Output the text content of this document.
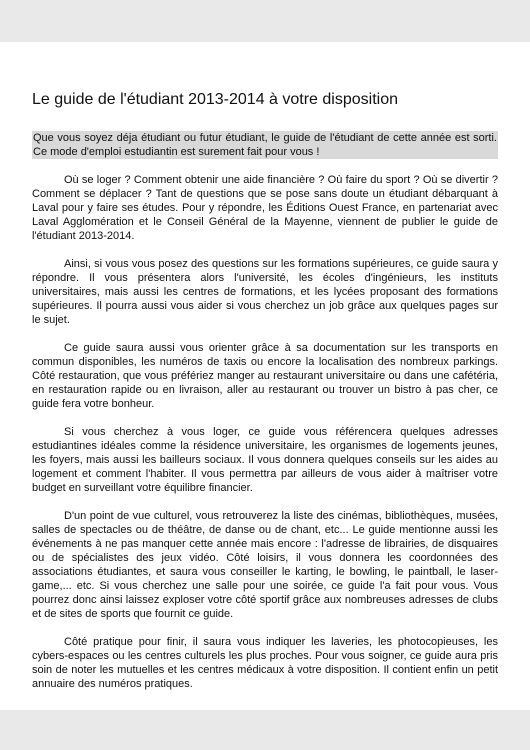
Le guide de l'étudiant 2013-2014 à votre disposition

Que vous soyez déja étudiant ou futur étudiant, le guide de l'étudiant de cette année est sorti. Ce mode d'emploi estudiantin est surement fait pour vous !

Où se loger ? Comment obtenir une aide financière ? Où faire du sport ? Où se divertir ? Comment se déplacer ? Tant de questions que se pose sans doute un étudiant débarquant à Laval pour y faire ses études. Pour y répondre, les Éditions Ouest France, en partenariat avec Laval Agglomération et le Conseil Général de la Mayenne, viennent de publier le guide de l'étudiant 2013-2014.

Ainsi, si vous vous posez des questions sur les formations supérieures, ce guide saura y répondre. Il vous présentera alors l'université, les écoles d'ingénieurs, les instituts universitaires, mais aussi les centres de formations, et les lycées proposant des formations supérieures. Il pourra aussi vous aider si vous cherchez un job grâce aux quelques pages sur le sujet.

Ce guide saura aussi vous orienter grâce à sa documentation sur les transports en commun disponibles, les numéros de taxis ou encore la localisation des nombreux parkings. Côté restauration, que vous préfériez manger au restaurant universitaire ou dans une cafétéria, en restauration rapide ou en livraison, aller au restaurant ou trouver un bistro à pas cher, ce guide fera votre bonheur.

Si vous cherchez à vous loger, ce guide vous référencera quelques adresses estudiantines idéales comme la résidence universitaire, les organismes de logements jeunes, les foyers, mais aussi les bailleurs sociaux. Il vous donnera quelques conseils sur les aides au logement et comment l'habiter. Il vous permettra par ailleurs de vous aider à maîtriser votre budget en surveillant votre équilibre financier.

D'un point de vue culturel, vous retrouverez la liste des cinémas, bibliothèques, musées, salles de spectacles ou de théâtre, de danse ou de chant, etc... Le guide mentionne aussi les événements à ne pas manquer cette année mais encore : l'adresse de librairies, de disquaires ou de spécialistes des jeux vidéo. Côté loisirs, il vous donnera les coordonnées des associations étudiantes, et saura vous conseiller le karting, le bowling, le paintball, le laser-game,... etc. Si vous cherchez une salle pour une soirée, ce guide l'a fait pour vous. Vous pourrez donc ainsi laissez exploser votre côté sportif grâce aux nombreuses adresses de clubs et de sites de sports que fournit ce guide.

Côté pratique pour finir, il saura vous indiquer les laveries, les photocopieuses, les cybers-espaces ou les centres culturels les plus proches. Pour vous soigner, ce guide aura pris soin de noter les mutuelles et les centres médicaux à votre disposition. Il contient enfin un petit annuaire des numéros pratiques.
